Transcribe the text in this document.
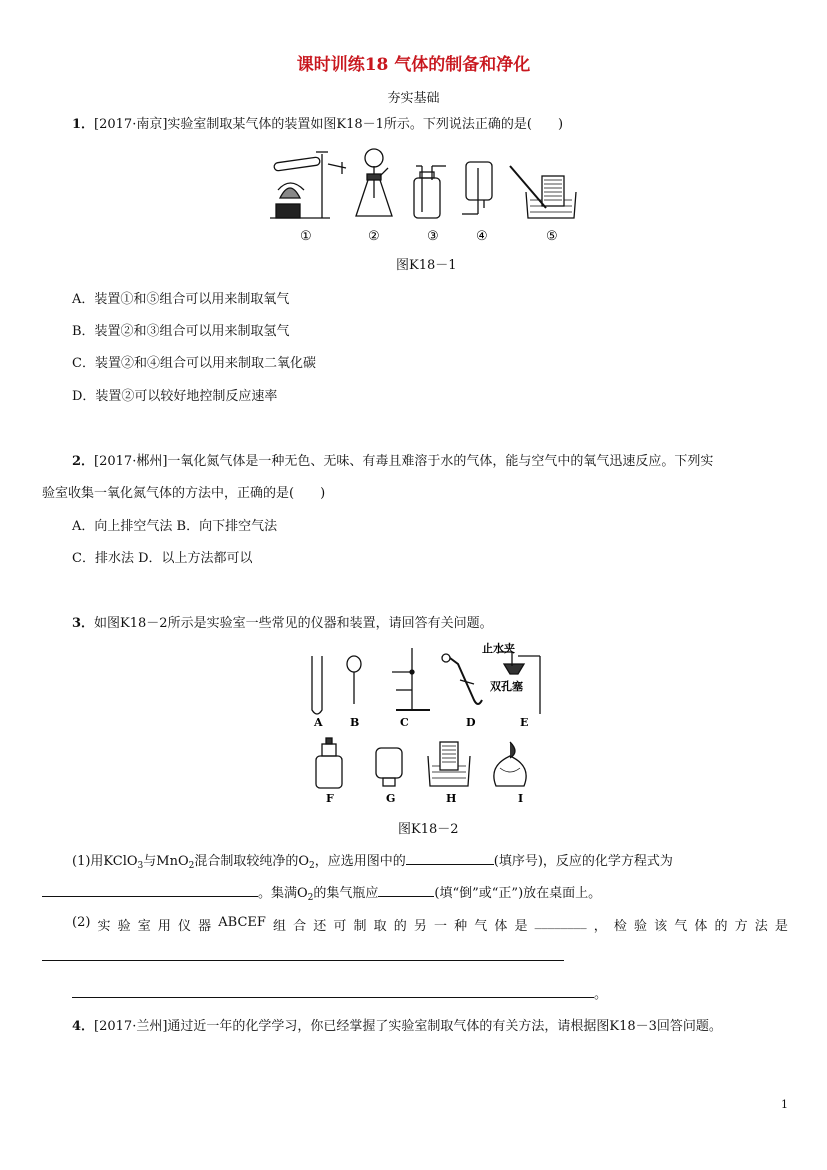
课时训练18 气体的制备和净化
夯实基础
1．[2017·南京]实验室制取某气体的装置如图K18－1所示。下列说法正确的是(　　)
①	②	③	④	⑤
图K18－1
A．装置①和⑤组合可以用来制取氧气
B．装置②和③组合可以用来制取氢气
C．装置②和④组合可以用来制取二氧化碳
D．装置②可以较好地控制反应速率
2．[2017·郴州]一氧化氮气体是一种无色、无味、有毒且难溶于水的气体，能与空气中的氧气迅速反应。下列实
验室收集一氧化氮气体的方法中，正确的是(　　)
A．向上排空气法 B．向下排空气法
C．排水法 D．以上方法都可以
3．如图K18－2所示是实验室一些常见的仪器和装置，请回答有关问题。
A B	C	D	E
F	G	H	I
止水夹
双孔塞
图K18－2
(1)用KClO$_3$与MnO$_2$混合制取较纯净的$O_2$，应选用图中的	(填序号)，反应的化学方程式为
。集满$O_2$的集气瓶应	(填“倒”或“正”)放在桌面上。
(2) 实 验 室 用 仪 器 ABCEF 组 合 还 可 制 取 的 另 一 种 气 体 是 ________ ， 检 验 该 气 体 的 方 法 是
。
4．[2017·兰州]通过近一年的化学学习，你已经掌握了实验室制取气体的有关方法，请根据图K18－3回答问题。
1
